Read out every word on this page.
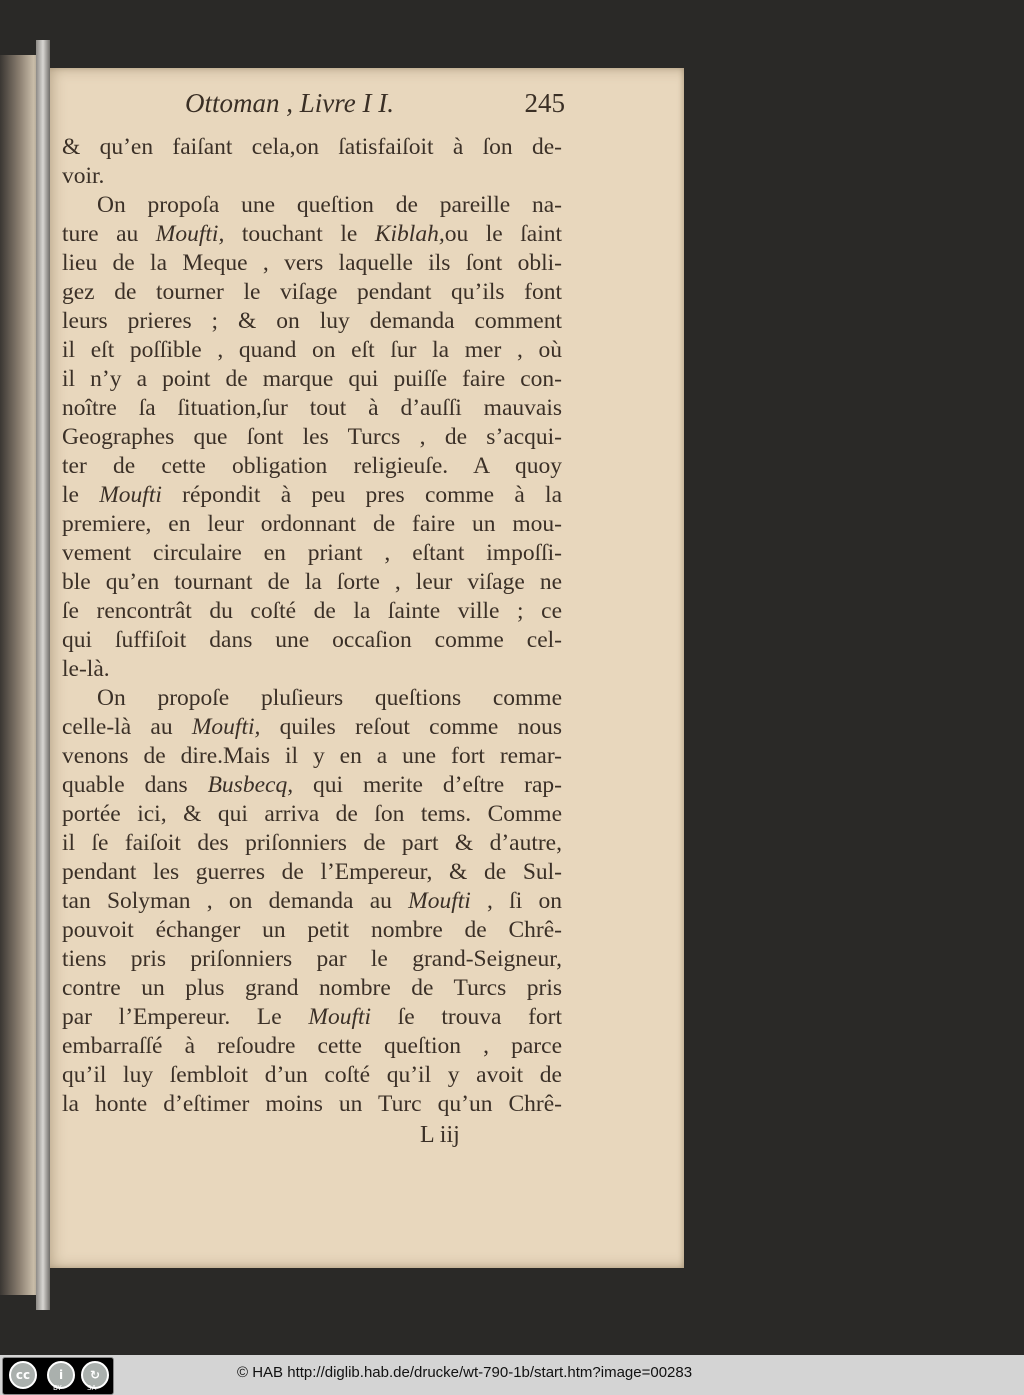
Ottoman , Livre I I.	245
& qu’en faiſant cela,on ſatisfaiſoit à ſon de-
voir.
On propoſa une queſtion de pareille na-
ture au Moufti, touchant le Kiblah,ou le ſaint
lieu de la Meque , vers laquelle ils ſont obli-
gez de tourner le viſage pendant qu’ils font
leurs prieres ; & on luy demanda comment
il eſt poſſible , quand on eſt ſur la mer , où
il n’y a point de marque qui puiſſe faire con-
noître ſa ſituation,ſur tout à d’auſſi mauvais
Geographes que ſont les Turcs , de s’acqui-
ter de cette obligation religieuſe. A quoy
le Moufti répondit à peu pres comme à la
premiere, en leur ordonnant de faire un mou-
vement circulaire en priant , eſtant impoſſi-
ble qu’en tournant de la ſorte , leur viſage ne
ſe rencontrât du coſté de la ſainte ville ; ce
qui ſuffiſoit dans une occaſion comme cel-
le-là.
On propoſe pluſieurs queſtions comme
celle-là au Moufti, quiles reſout comme nous
venons de dire.Mais il y en a une fort remar-
quable dans Busbecq, qui merite d’eſtre rap-
portée ici, & qui arriva de ſon tems. Comme
il ſe faiſoit des priſonniers de part & d’autre,
pendant les guerres de l’Empereur, & de Sul-
tan Solyman , on demanda au Moufti , ſi on
pouvoit échanger un petit nombre de Chrê-
tiens pris priſonniers par le grand-Seigneur,
contre un plus grand nombre de Turcs pris
par l’Empereur. Le Moufti ſe trouva fort
embarraſſé à reſoudre cette queſtion , parce
qu’il luy ſembloit d’un coſté qu’il y avoit de
la honte d’eſtimer moins un Turc qu’un Chrê-
L iij
cc	i	↻
BY	SA
© HAB http://diglib.hab.de/drucke/wt-790-1b/start.htm?image=00283
